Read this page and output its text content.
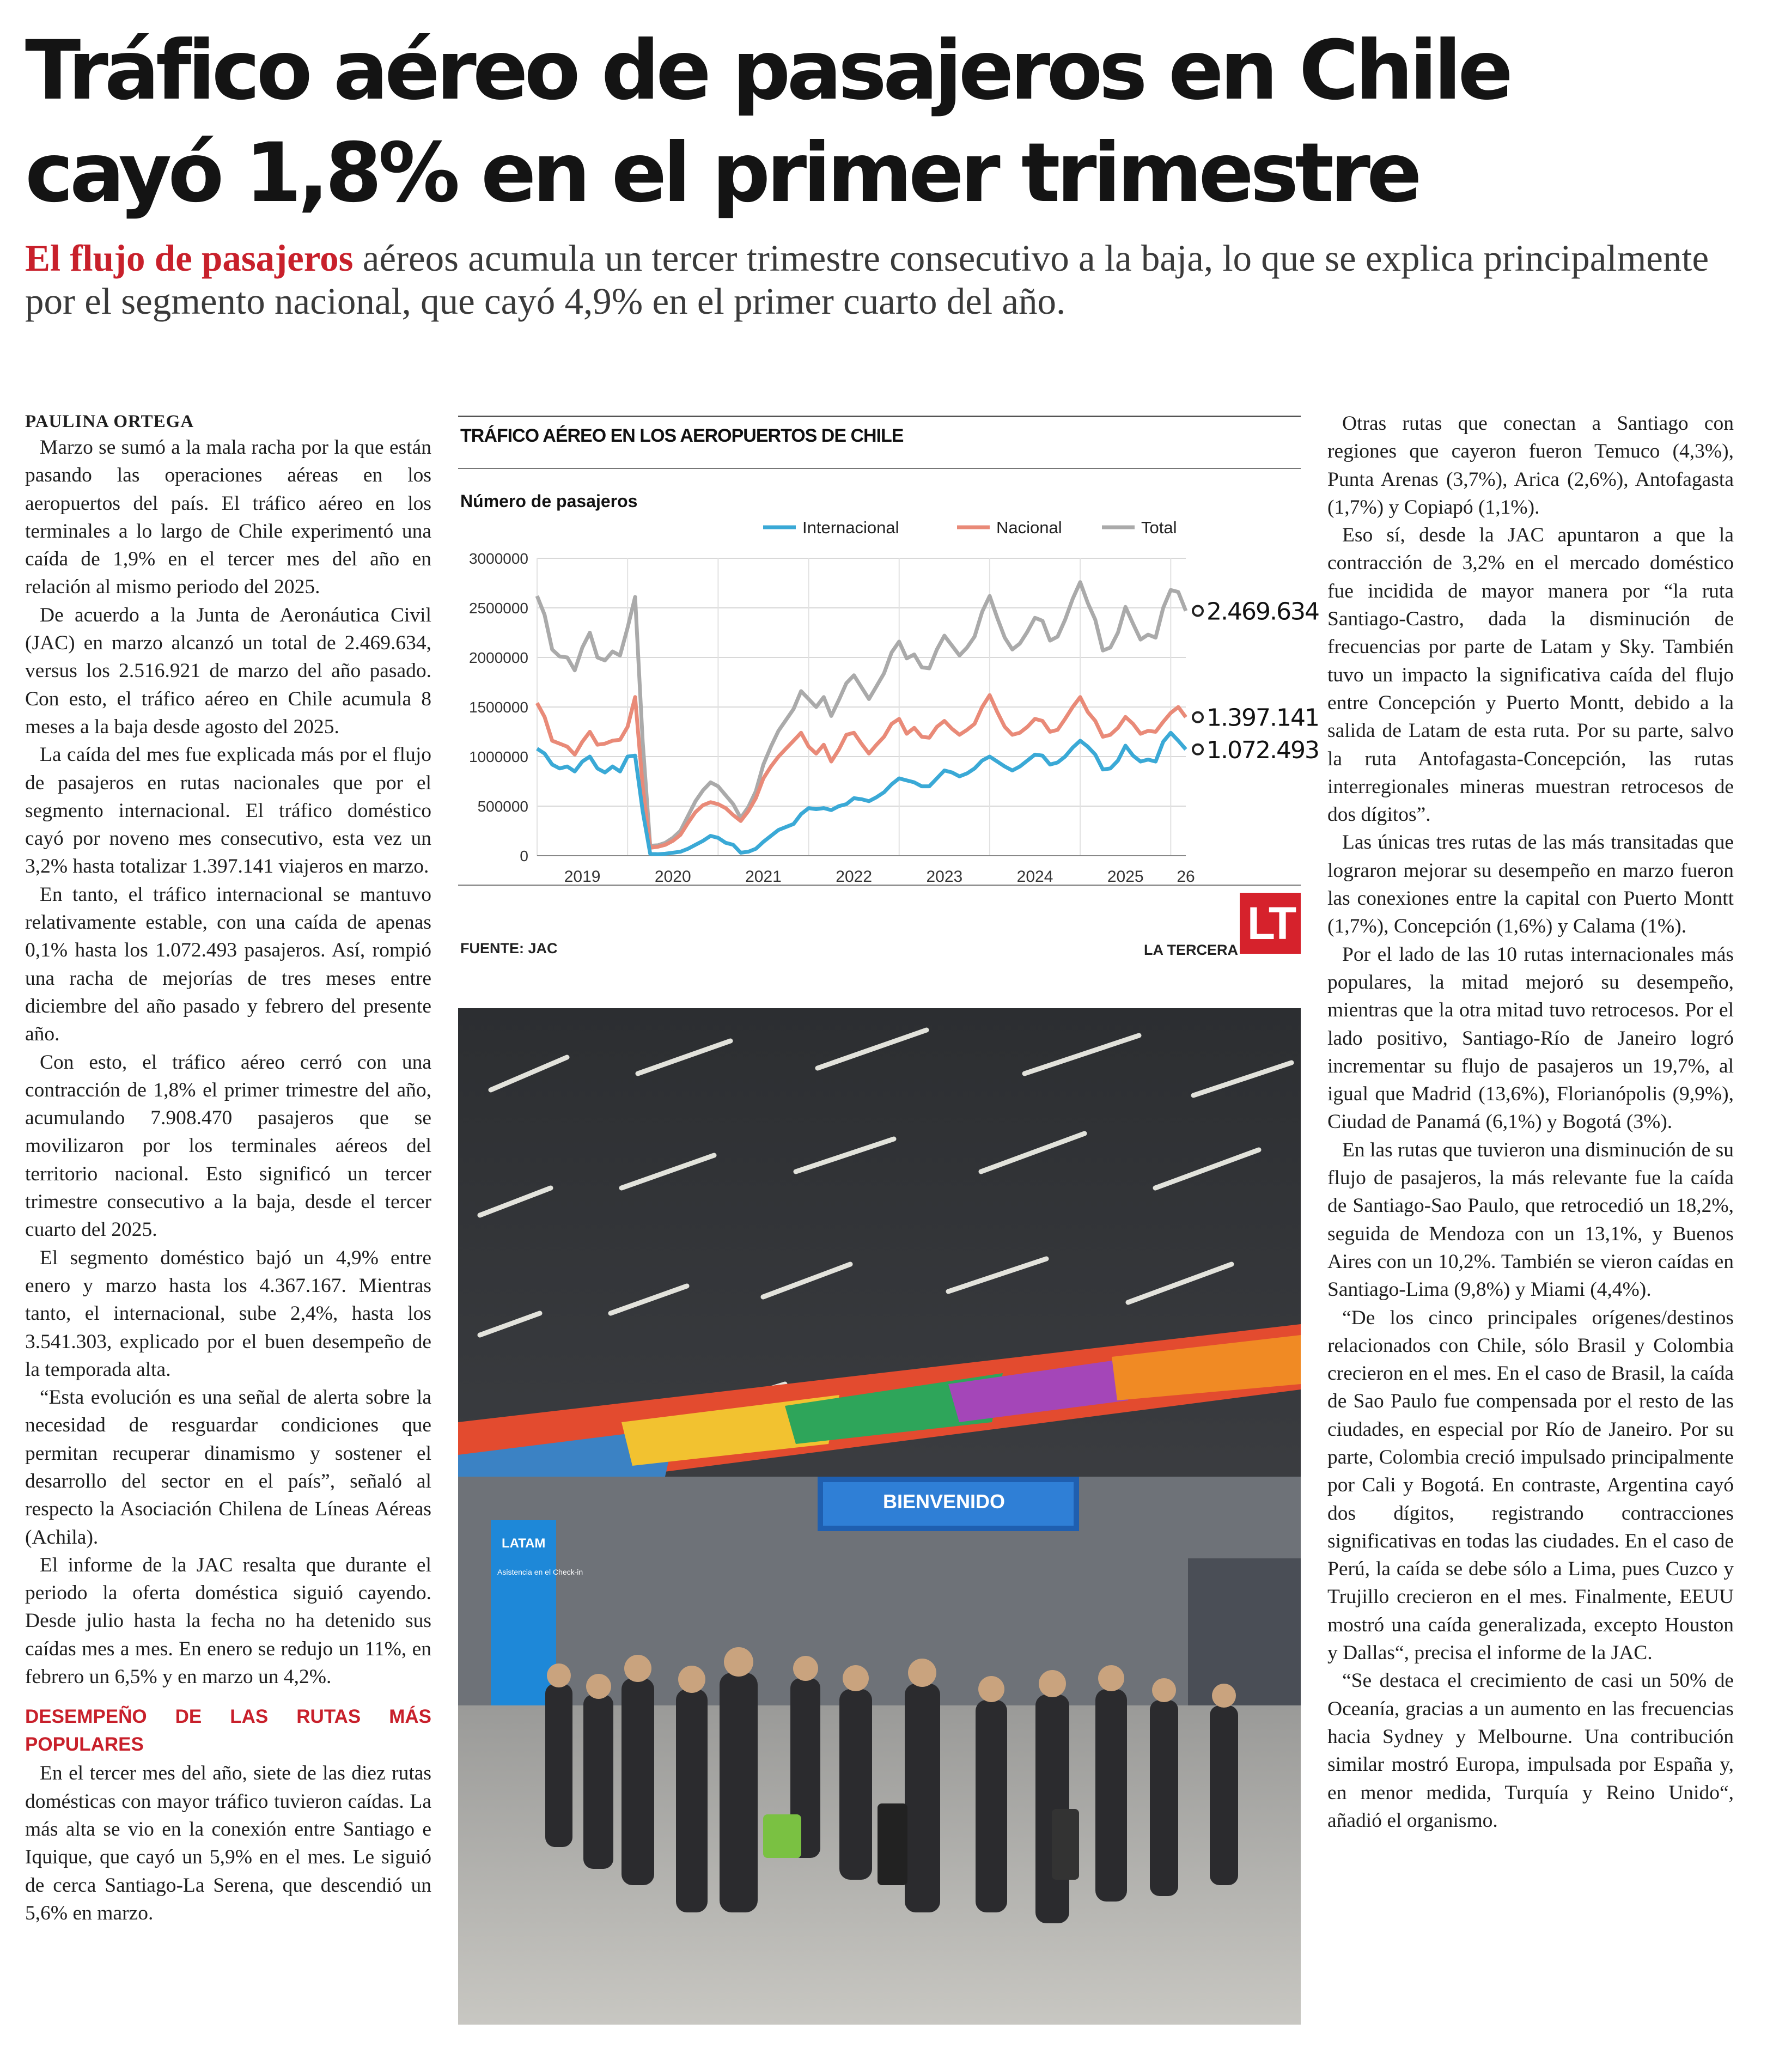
Tráfico aéreo de pasajeros en Chile
cayó 1,8% en el primer trimestre
El flujo de pasajeros aéreos acumula un tercer trimestre consecutivo a la baja, lo que se explica principalmente por el segmento nacional, que cayó 4,9% en el primer cuarto del año.

PAULINA ORTEGA

Marzo se sumó a la mala racha por la que están pasando las operaciones aéreas en los aeropuertos del país. El tráfico aéreo en los terminales a lo largo de Chile experimentó una caída de 1,9% en el tercer mes del año en relación al mismo periodo del 2025.

De acuerdo a la Junta de Aeronáutica Civil (JAC) en marzo alcanzó un total de 2.469.634, versus los 2.516.921 de marzo del año pasado. Con esto, el tráfico aéreo en Chile acumula 8 meses a la baja desde agosto del 2025.

La caída del mes fue explicada más por el flujo de pasajeros en rutas nacionales que por el segmento internacional. El tráfico doméstico cayó por noveno mes consecutivo, esta vez un 3,2% hasta totalizar 1.397.141 viajeros en marzo.

En tanto, el tráfico internacional se mantuvo relativamente estable, con una caída de apenas 0,1% hasta los 1.072.493 pasajeros. Así, rompió una racha de mejorías de tres meses entre diciembre del año pasado y febrero del presente año.

Con esto, el tráfico aéreo cerró con una contracción de 1,8% el primer trimestre del año, acumulando 7.908.470 pasajeros que se movilizaron por los terminales aéreos del territorio nacional. Esto significó un tercer trimestre consecutivo a la baja, desde el tercer cuarto del 2025.

El segmento doméstico bajó un 4,9% entre enero y marzo hasta los 4.367.167. Mientras tanto, el internacional, sube 2,4%, hasta los 3.541.303, explicado por el buen desempeño de la temporada alta.

“Esta evolución es una señal de alerta sobre la necesidad de resguardar condiciones que permitan recuperar dinamismo y sostener el desarrollo del sector en el país”, señaló al respecto la Asociación Chilena de Líneas Aéreas (Achila).

El informe de la JAC resalta que durante el periodo la oferta doméstica siguió cayendo. Desde julio hasta la fecha no ha detenido sus caídas mes a mes. En enero se redujo un 11%, en febrero un 6,5% y en marzo un 4,2%.

DESEMPEÑO DE LAS RUTAS MÁS POPULARES

En el tercer mes del año, siete de las diez rutas domésticas con mayor tráfico tuvieron caídas. La más alta se vio en la conexión entre Santiago e Iquique, que cayó un 5,9% en el mes. Le siguió de cerca Santiago-La Serena, que descendió un 5,6% en marzo.

TRÁFICO AÉREO EN LOS AEROPUERTOS DE CHILE
Número de pasajeros
Internacional	Nacional	Total
3000000
2500000
2000000
1500000
1000000
500000
0
2019	2020	2021	2022	2023	2024	2025 26
2.469.634
1.397.141
1.072.493
FUENTE: JAC	LA TERCERA
LT
BIENVENIDO
LATAM
Asistencia en el Check-in

Otras rutas que conectan a Santiago con regiones que cayeron fueron Temuco (4,3%), Punta Arenas (3,7%), Arica (2,6%), Antofagasta (1,7%) y Copiapó (1,1%).

Eso sí, desde la JAC apuntaron a que la contracción de 3,2% en el mercado doméstico fue incidida de mayor manera por “la ruta Santiago-Castro, dada la disminución de frecuencias por parte de Latam y Sky. También tuvo un impacto la significativa caída del flujo entre Concepción y Puerto Montt, debido a la salida de Latam de esta ruta. Por su parte, salvo la ruta Antofagasta-Concepción, las rutas interregionales mineras muestran retrocesos de dos dígitos”.

Las únicas tres rutas de las más transitadas que lograron mejorar su desempeño en marzo fueron las conexiones entre la capital con Puerto Montt (1,7%), Concepción (1,6%) y Calama (1%).

Por el lado de las 10 rutas internacionales más populares, la mitad mejoró su desempeño, mientras que la otra mitad tuvo retrocesos. Por el lado positivo, Santiago-Río de Janeiro logró incrementar su flujo de pasajeros un 19,7%, al igual que Madrid (13,6%), Florianópolis (9,9%), Ciudad de Panamá (6,1%) y Bogotá (3%).

En las rutas que tuvieron una disminución de su flujo de pasajeros, la más relevante fue la caída de Santiago-Sao Paulo, que retrocedió un 18,2%, seguida de Mendoza con un 13,1%, y Buenos Aires con un 10,2%. También se vieron caídas en Santiago-Lima (9,8%) y Miami (4,4%).

“De los cinco principales orígenes/destinos relacionados con Chile, sólo Brasil y Colombia crecieron en el mes. En el caso de Brasil, la caída de Sao Paulo fue compensada por el resto de las ciudades, en especial por Río de Janeiro. Por su parte, Colombia creció impulsado principalmente por Cali y Bogotá. En contraste, Argentina cayó dos dígitos, registrando contracciones significativas en todas las ciudades. En el caso de Perú, la caída se debe sólo a Lima, pues Cuzco y Trujillo crecieron en el mes. Finalmente, EEUU mostró una caída generalizada, excepto Houston y Dallas“, precisa el informe de la JAC.

“Se destaca el crecimiento de casi un 50% de Oceanía, gracias a un aumento en las frecuencias hacia Sydney y Melbourne. Una contribución similar mostró Europa, impulsada por España y, en menor medida, Turquía y Reino Unido“, añadió el organismo.
